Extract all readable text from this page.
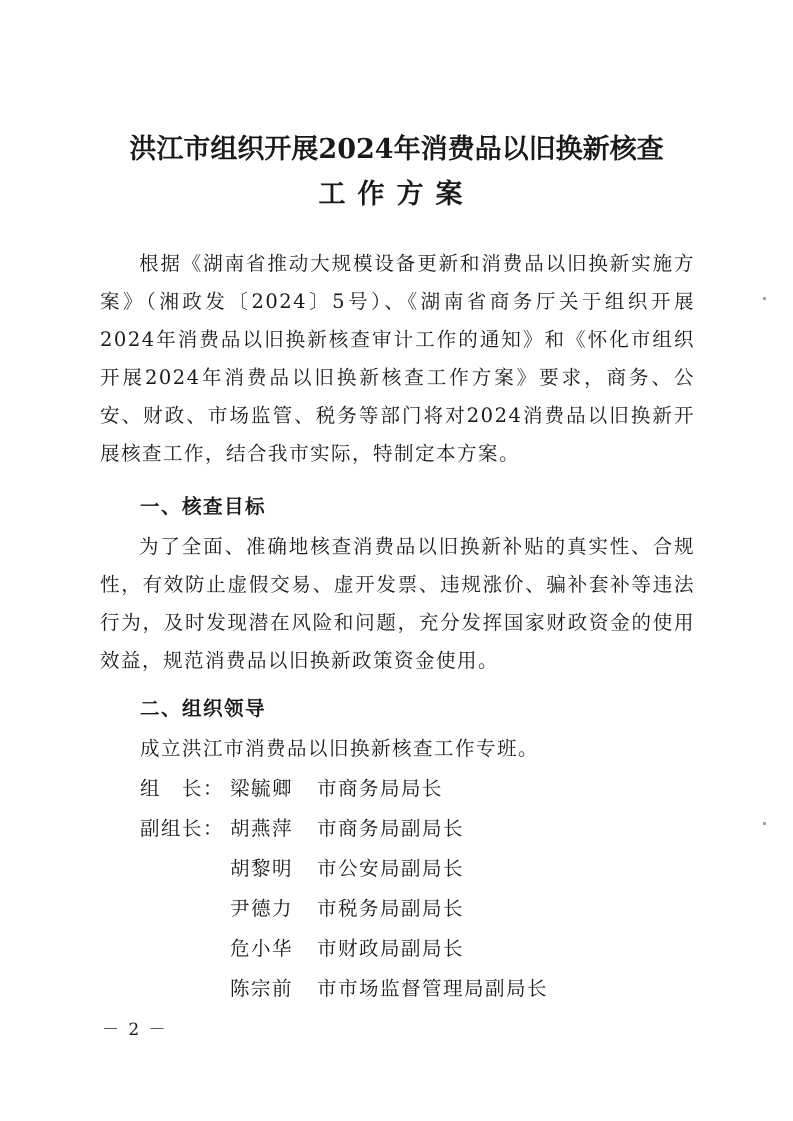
洪江市组织开展2024年消费品以旧换新核查
工作方案

根据《湖南省推动大规模设备更新和消费品以旧换新实施方案》（湘政发〔2024〕5号）、《湖南省商务厅关于组织开展2024年消费品以旧换新核查审计工作的通知》和《怀化市组织开展2024年消费品以旧换新核查工作方案》要求，商务、公安、财政、市场监管、税务等部门将对2024消费品以旧换新开展核查工作，结合我市实际，特制定本方案。

一、核查目标

为了全面、准确地核查消费品以旧换新补贴的真实性、合规性，有效防止虚假交易、虚开发票、违规涨价、骗补套补等违法行为，及时发现潜在风险和问题，充分发挥国家财政资金的使用效益，规范消费品以旧换新政策资金使用。

二、组织领导

成立洪江市消费品以旧换新核查工作专班。

组　长： 梁毓卿 市商务局局长
副组长： 胡燕萍 市商务局副局长
胡黎明 市公安局副局长
尹德力 市税务局副局长
危小华 市财政局副局长
陈宗前 市市场监督管理局副局长
－ 2 －
